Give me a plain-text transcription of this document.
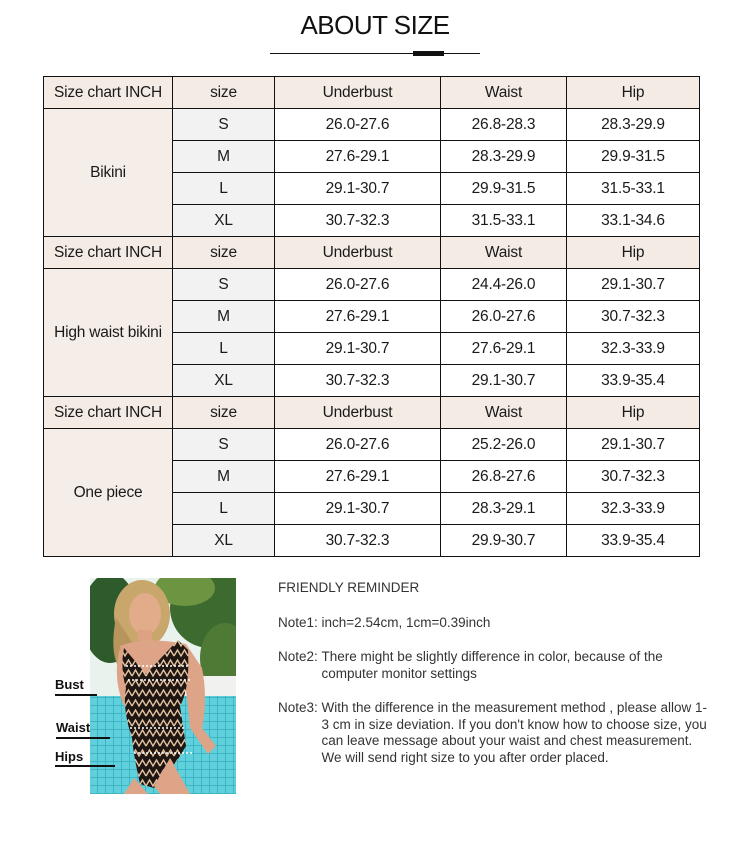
ABOUT SIZE
Size chart INCH	size	Underbust	Waist	Hip
Bikini	S	26.0-27.6	26.8-28.3	28.3-29.9
	M	27.6-29.1	28.3-29.9	29.9-31.5
	L	29.1-30.7	29.9-31.5	31.5-33.1
	XL	30.7-32.3	31.5-33.1	33.1-34.6
Size chart INCH	size	Underbust	Waist	Hip
High waist bikini	S	26.0-27.6	24.4-26.0	29.1-30.7
	M	27.6-29.1	26.0-27.6	30.7-32.3
	L	29.1-30.7	27.6-29.1	32.3-33.9
	XL	30.7-32.3	29.1-30.7	33.9-35.4
Size chart INCH	size	Underbust	Waist	Hip
One piece	S	26.0-27.6	25.2-26.0	29.1-30.7
	M	27.6-29.1	26.8-27.6	30.7-32.3
	L	29.1-30.7	28.3-29.1	32.3-33.9
	XL	30.7-32.3	29.9-30.7	33.9-35.4
Bust
Waist
Hips
FRIENDLY REMINDER
Note1: inch=2.54cm, 1cm=0.39inch
Note2: There might be slightly difference in color, because of the computer monitor settings
Note3: With the difference in the measurement method , please allow 1-3 cm in size deviation. If you don't know how to choose size, you can leave message about your waist and chest measurement. We will send right size to you after order placed.
